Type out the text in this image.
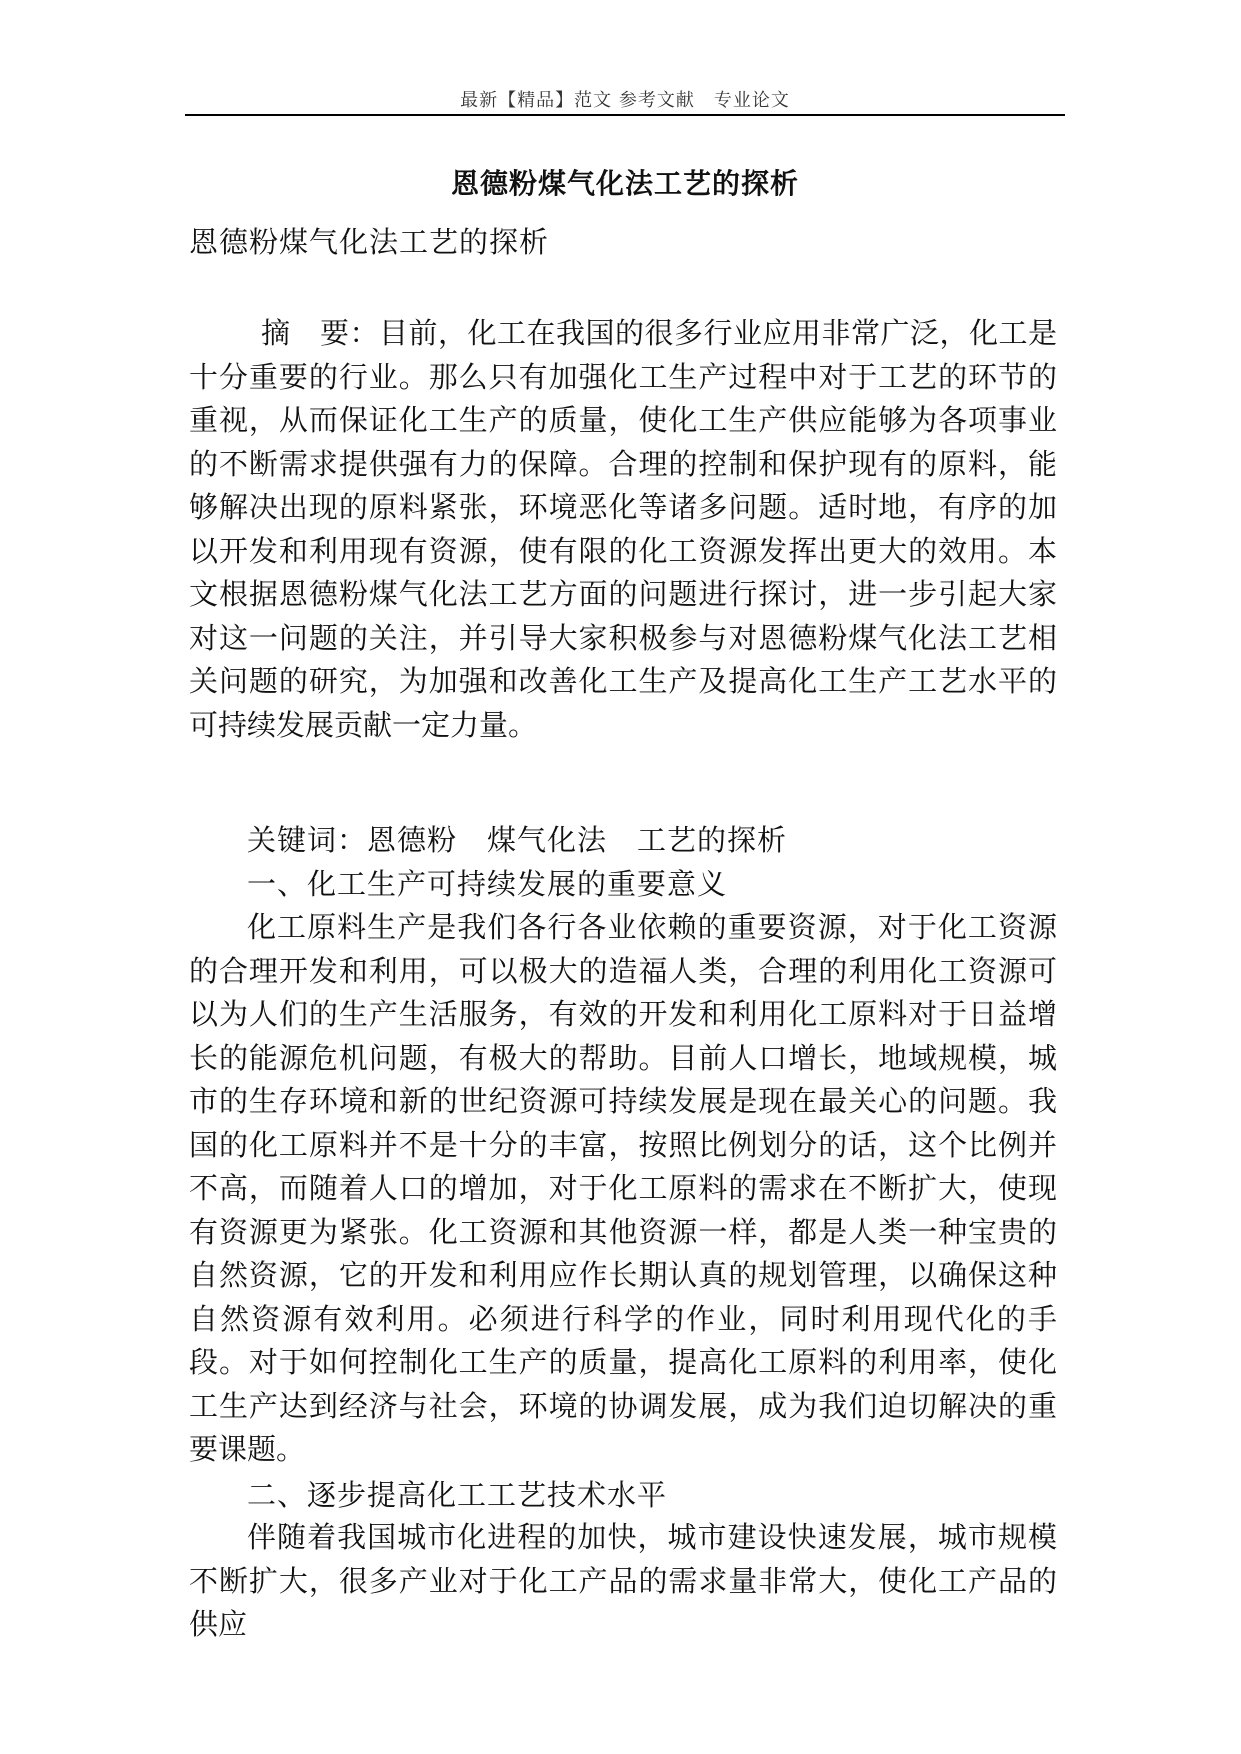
最新【精品】范文 参考文献　专业论文
恩德粉煤气化法工艺的探析
恩德粉煤气化法工艺的探析

摘　要：目前，化工在我国的很多行业应用非常广泛，化工是十分重要的行业。那么只有加强化工生产过程中对于工艺的环节的重视，从而保证化工生产的质量，使化工生产供应能够为各项事业的不断需求提供强有力的保障。合理的控制和保护现有的原料，能够解决出现的原料紧张，环境恶化等诸多问题。适时地，有序的加以开发和利用现有资源，使有限的化工资源发挥出更大的效用。本文根据恩德粉煤气化法工艺方面的问题进行探讨，进一步引起大家对这一问题的关注，并引导大家积极参与对恩德粉煤气化法工艺相关问题的研究，为加强和改善化工生产及提高化工生产工艺水平的可持续发展贡献一定力量。

关键词：恩德粉　煤气化法　工艺的探析
一、化工生产可持续发展的重要意义

化工原料生产是我们各行各业依赖的重要资源，对于化工资源的合理开发和利用，可以极大的造福人类，合理的利用化工资源可以为人们的生产生活服务，有效的开发和利用化工原料对于日益增长的能源危机问题，有极大的帮助。目前人口增长，地域规模，城市的生存环境和新的世纪资源可持续发展是现在最关心的问题。我国的化工原料并不是十分的丰富，按照比例划分的话，这个比例并不高，而随着人口的增加，对于化工原料的需求在不断扩大，使现有资源更为紧张。化工资源和其他资源一样，都是人类一种宝贵的自然资源，它的开发和利用应作长期认真的规划管理，以确保这种自然资源有效利用。必须进行科学的作业，同时利用现代化的手段。对于如何控制化工生产的质量，提高化工原料的利用率，使化工生产达到经济与社会，环境的协调发展，成为我们迫切解决的重要课题。

二、逐步提高化工工艺技术水平

伴随着我国城市化进程的加快，城市建设快速发展，城市规模不断扩大，很多产业对于化工产品的需求量非常大，使化工产品的供应
